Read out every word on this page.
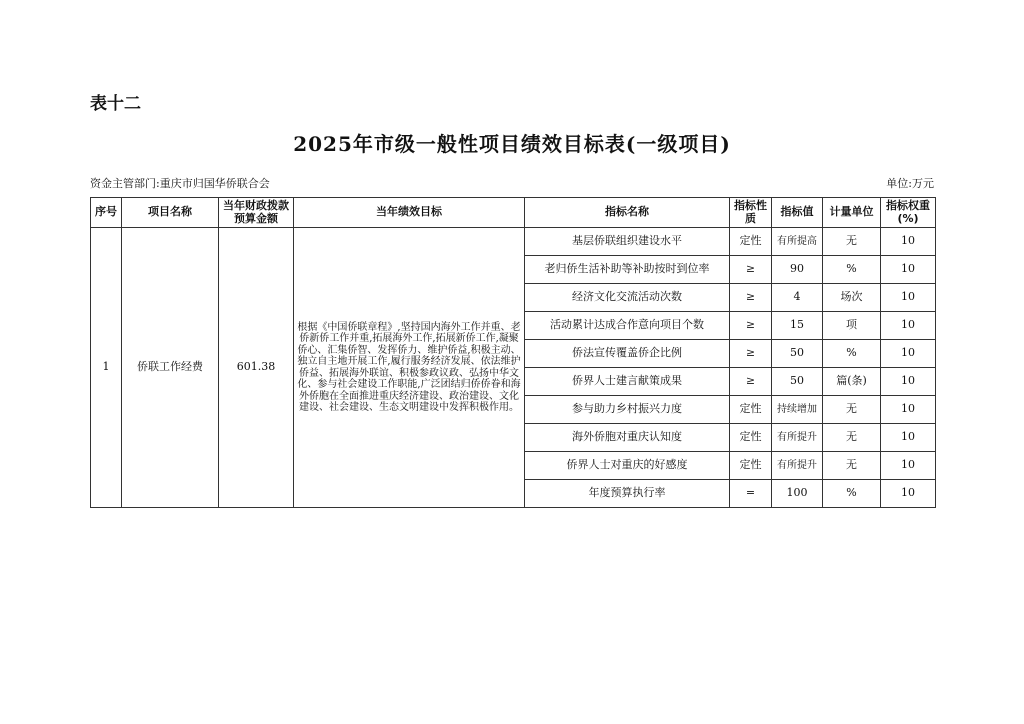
表十二
2025年市级一般性项目绩效目标表(一级项目)
资金主管部门:重庆市归国华侨联合会	单位:万元
序号	项目名称	当年财政拨款预算金额	当年绩效目标	指标名称	指标性质	指标值	计量单位	指标权重(%)
1	侨联工作经费	601.38	根据《中国侨联章程》,坚持国内海外工作并重、老侨新侨工作并重,拓展海外工作,拓展新侨工作,凝聚侨心、汇集侨智、发挥侨力、维护侨益,积极主动、独立自主地开展工作,履行服务经济发展、依法维护侨益、拓展海外联谊、积极参政议政、弘扬中华文化、参与社会建设工作职能,广泛团结归侨侨眷和海外侨胞在全面推进重庆经济建设、政治建设、文化建设、社会建设、生态文明建设中发挥积极作用。	基层侨联组织建设水平	定性	有所提高	无	10
				老归侨生活补助等补助按时到位率	≥	90	%	10
				经济文化交流活动次数	≥	4	场次	10
				活动累计达成合作意向项目个数	≥	15	项	10
				侨法宣传覆盖侨企比例	≥	50	%	10
				侨界人士建言献策成果	≥	50	篇(条)	10
				参与助力乡村振兴力度	定性	持续增加	无	10
				海外侨胞对重庆认知度	定性	有所提升	无	10
				侨界人士对重庆的好感度	定性	有所提升	无	10
				年度预算执行率	=	100	%	10
